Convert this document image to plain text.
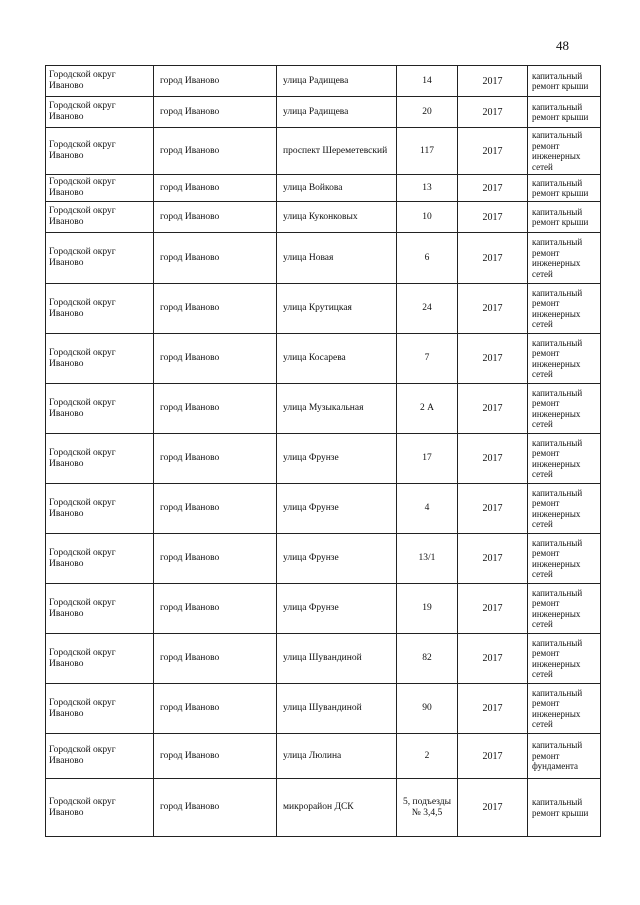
48
Городской округ Иваново	город Иваново	улица Радищева	14	2017	капитальный ремонт крыши
Городской округ Иваново	город Иваново	улица Радищева	20	2017	капитальный ремонт крыши
Городской округ Иваново	город Иваново	проспект Шереметевский	117	2017	капитальный ремонт инженерных сетей
Городской округ Иваново	город Иваново	улица Войкова	13	2017	капитальный ремонт крыши
Городской округ Иваново	город Иваново	улица Куконковых	10	2017	капитальный ремонт крыши
Городской округ Иваново	город Иваново	улица Новая	6	2017	капитальный ремонт инженерных сетей
Городской округ Иваново	город Иваново	улица Крутицкая	24	2017	капитальный ремонт инженерных сетей
Городской округ Иваново	город Иваново	улица Косарева	7	2017	капитальный ремонт инженерных сетей
Городской округ Иваново	город Иваново	улица Музыкальная	2 А	2017	капитальный ремонт инженерных сетей
Городской округ Иваново	город Иваново	улица Фрунзе	17	2017	капитальный ремонт инженерных сетей
Городской округ Иваново	город Иваново	улица Фрунзе	4	2017	капитальный ремонт инженерных сетей
Городской округ Иваново	город Иваново	улица Фрунзе	13/1	2017	капитальный ремонт инженерных сетей
Городской округ Иваново	город Иваново	улица Фрунзе	19	2017	капитальный ремонт инженерных сетей
Городской округ Иваново	город Иваново	улица Шувандиной	82	2017	капитальный ремонт инженерных сетей
Городской округ Иваново	город Иваново	улица Шувандиной	90	2017	капитальный ремонт инженерных сетей
Городской округ Иваново	город Иваново	улица Люлина	2	2017	капитальный ремонт фундамента
Городской округ Иваново	город Иваново	микрорайон ДСК	5, подъезды № 3,4,5	2017	капитальный ремонт крыши
